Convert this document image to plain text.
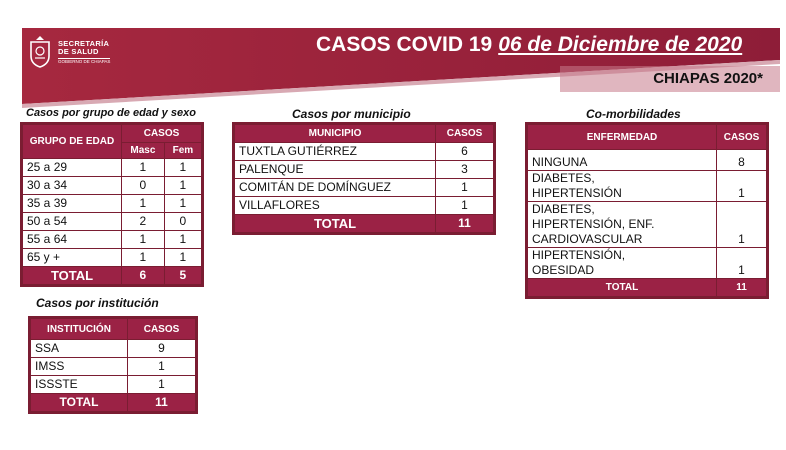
SECRETARÍA
DE SALUD
GOBIERNO DE CHIAPAS
CASOS COVID 19 06 de Diciembre de 2020
CHIAPAS 2020*
Casos por grupo de edad y sexo
GRUPO DE EDAD	CASOS	
	Masc	Fem
25 a 29	1	1
30 a 34	0	1
35 a 39	1	1
50 a 54	2	0
55 a 64	1	1
65 y +	1	1
TOTAL	6	5
Casos por institución
INSTITUCIÓN	CASOS
SSA	9
IMSS	1
ISSSTE	1
TOTAL	11
Casos por municipio
MUNICIPIO	CASOS
TUXTLA GUTIÉRREZ	6
PALENQUE	3
COMITÁN DE DOMÍNGUEZ	1
VILLAFLORES	1
TOTAL	11
Co-morbilidades
ENFERMEDAD	CASOS
NINGUNA	8

DIABETES,
HIPERTENSIÓN	1

DIABETES,
HIPERTENSIÓN, ENF.
CARDIOVASCULAR	1

HIPERTENSIÓN,
OBESIDAD	1
TOTAL	11
